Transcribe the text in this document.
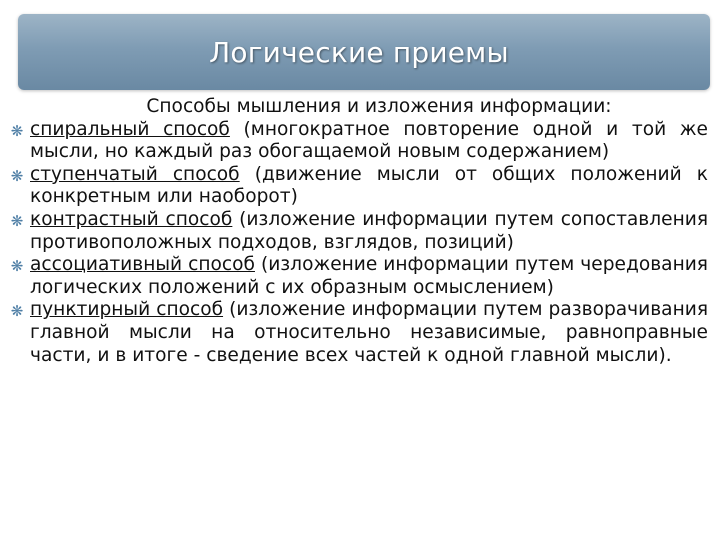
Логические приемы
Способы мышления и изложения информации:
❋ спиральный способ (многократное повторение одной и той же мысли, но каждый раз обогащаемой новым содержанием)
❋ ступенчатый способ (движение мысли от общих положений к конкретным или наоборот)
❋ контрастный способ (изложение информации путем сопоставления противоположных подходов, взглядов, позиций)
❋ ассоциативный способ (изложение информации путем чередования логических положений с их образным осмыслением)
❋ пунктирный способ (изложение информации путем разворачивания главной мысли на относительно независимые, равноправные части, и в итоге - сведение всех частей к одной главной мысли).
